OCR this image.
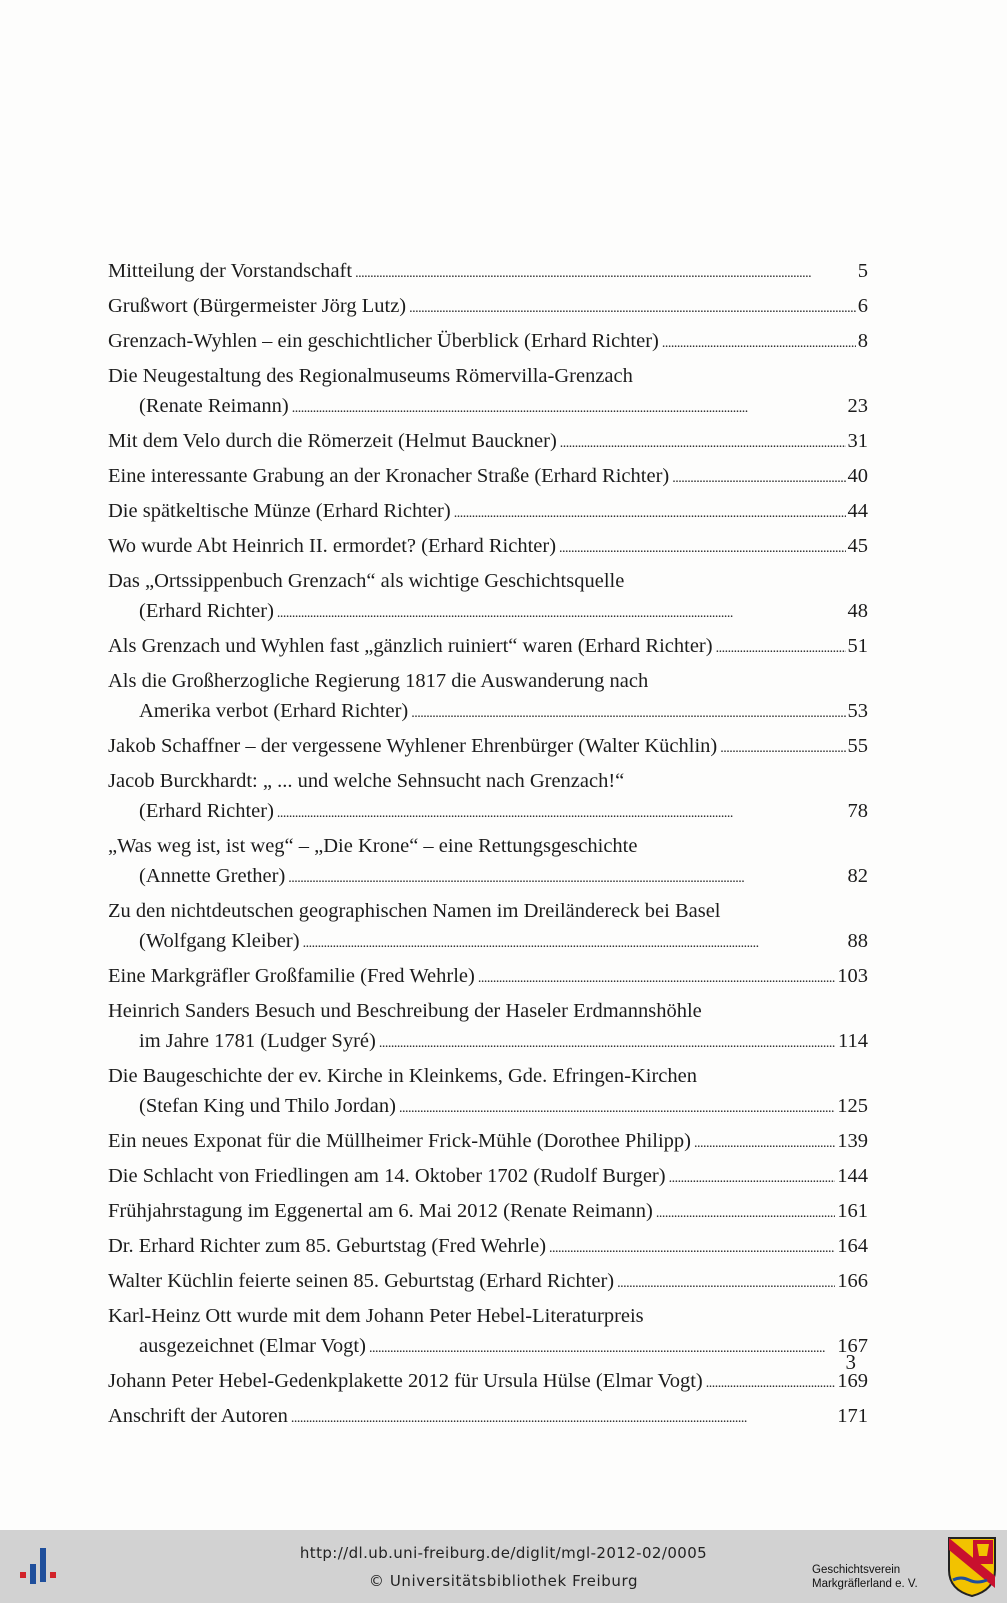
Mitteilung der Vorstandschaft . . .	5
Grußwort (Bürgermeister Jörg Lutz) . . .	6
Grenzach-Wyhlen – ein geschichtlicher Überblick (Erhard Richter) . . .	8
Die Neugestaltung des Regionalmuseums Römervilla-Grenzach
(Renate Reimann) . . .	23
Mit dem Velo durch die Römerzeit (Helmut Bauckner) . . .	31
Eine interessante Grabung an der Kronacher Straße (Erhard Richter) . . .	40
Die spätkeltische Münze (Erhard Richter) . . .	44
Wo wurde Abt Heinrich II. ermordet? (Erhard Richter) . . .	45
Das „Ortssippenbuch Grenzach“ als wichtige Geschichtsquelle
(Erhard Richter) . . .	48
Als Grenzach und Wyhlen fast „gänzlich ruiniert“ waren (Erhard Richter) . . .	51
Als die Großherzogliche Regierung 1817 die Auswanderung nach
Amerika verbot (Erhard Richter) . . .	53
Jakob Schaffner – der vergessene Wyhlener Ehrenbürger (Walter Küchlin) . . .	55
Jacob Burckhardt: „ ... und welche Sehnsucht nach Grenzach!“
(Erhard Richter) . . .	78
„Was weg ist, ist weg“ – „Die Krone“ – eine Rettungsgeschichte
(Annette Grether) . . .	82
Zu den nichtdeutschen geographischen Namen im Dreiländereck bei Basel
(Wolfgang Kleiber) . . .	88
Eine Markgräfler Großfamilie (Fred Wehrle) . . .	103
Heinrich Sanders Besuch und Beschreibung der Haseler Erdmannshöhle
im Jahre 1781 (Ludger Syré) . . .	114
Die Baugeschichte der ev. Kirche in Kleinkems, Gde. Efringen-Kirchen
(Stefan King und Thilo Jordan) . . .	125
Ein neues Exponat für die Müllheimer Frick-Mühle (Dorothee Philipp) . . .	139
Die Schlacht von Friedlingen am 14. Oktober 1702 (Rudolf Burger) . . .	144
Frühjahrstagung im Eggenertal am 6. Mai 2012 (Renate Reimann) . . .	161
Dr. Erhard Richter zum 85. Geburtstag (Fred Wehrle) . . .	164
Walter Küchlin feierte seinen 85. Geburtstag (Erhard Richter) . . .	166
Karl-Heinz Ott wurde mit dem Johann Peter Hebel-Literaturpreis
ausgezeichnet (Elmar Vogt) . . .	167
Johann Peter Hebel-Gedenkplakette 2012 für Ursula Hülse (Elmar Vogt) . . .	169
Anschrift der Autoren . . .	171
3
http://dl.ub.uni-freiburg.de/diglit/mgl-2012-02/0005
© Universitätsbibliothek Freiburg
Geschichtsverein
Markgräflerland e. V.
